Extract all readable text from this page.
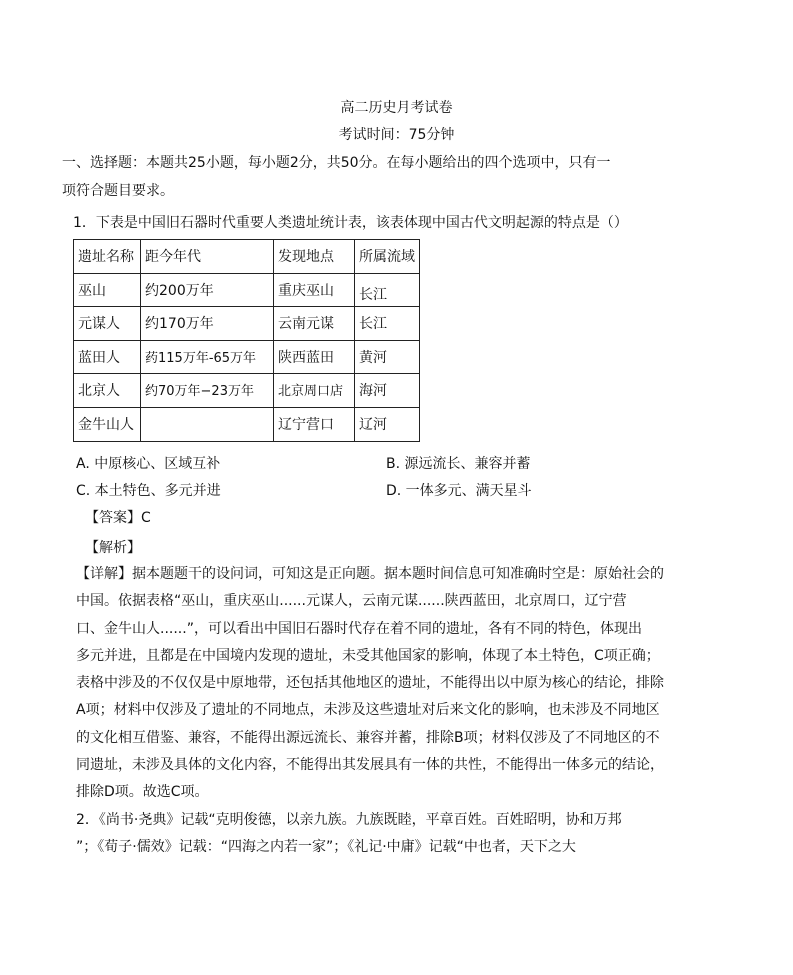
高二历史月考试卷
考试时间：75分钟
一、选择题：本题共25小题，每小题2分，共50分。在每小题给出的四个选项中，只有一
项符合题目要求。
1．下表是中国旧石器时代重要人类遗址统计表，该表体现中国古代文明起源的特点是（）
遗址名称	距今年代	发现地点	所属流域
巫山	约200万年	重庆巫山	长江
元谋人	约170万年	云南元谋	长江
蓝田人	药115万年-65万年	陕西蓝田	黄河
北京人	约70万年−23万年	北京周口店	海河
金牛山人		辽宁营口	辽河
A. 中原核心、区域互补	B. 源远流长、兼容并蓄
C. 本土特色、多元并进	D. 一体多元、满天星斗
【答案】C
【解析】
【详解】据本题题干的设问词，可知这是正向题。据本题时间信息可知准确时空是：原始社会的
中国。依据表格“巫山，重庆巫山......元谋人，云南元谋......陕西蓝田，北京周口，辽宁营
口、金牛山人......”，可以看出中国旧石器时代存在着不同的遗址，各有不同的特色，体现出
多元并进，且都是在中国境内发现的遗址，未受其他国家的影响，体现了本土特色，C项正确；
表格中涉及的不仅仅是中原地带，还包括其他地区的遗址，不能得出以中原为核心的结论，排除
A项；材料中仅涉及了遗址的不同地点，未涉及这些遗址对后来文化的影响，也未涉及不同地区
的文化相互借鉴、兼容，不能得出源远流长、兼容并蓄，排除B项；材料仅涉及了不同地区的不
同遗址，未涉及具体的文化内容，不能得出其发展具有一体的共性，不能得出一体多元的结论，
排除D项。故选C项。
2．《尚书·尧典》记载“克明俊德，以亲九族。九族既睦，平章百姓。百姓昭明，协和万邦
”；《荀子·儒效》记载：“四海之内若一家”；《礼记·中庸》记载“中也者，天下之大
